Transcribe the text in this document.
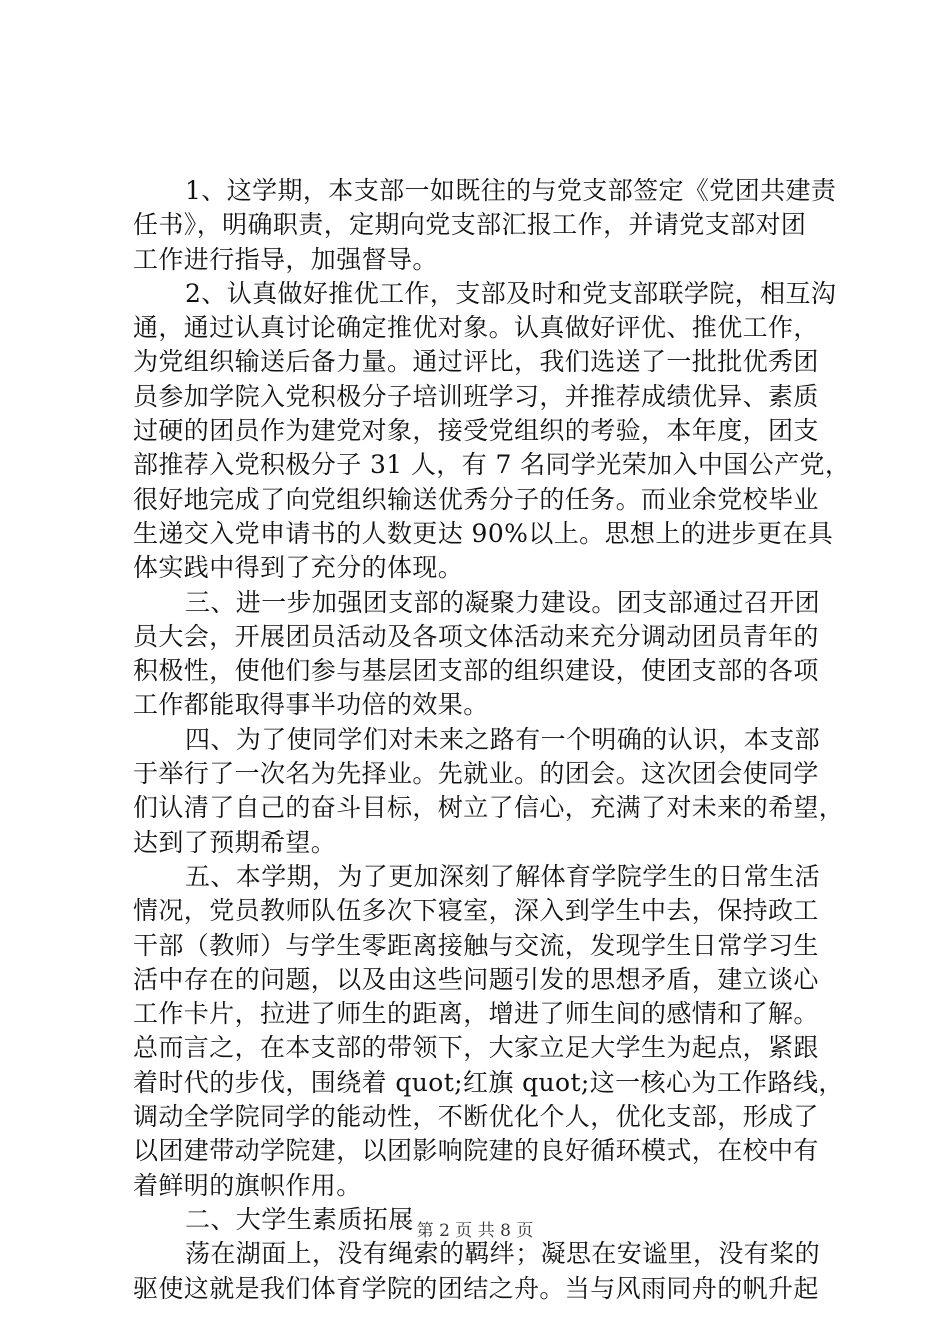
1、这学期，本支部一如既往的与党支部签定《党团共建责
任书》，明确职责，定期向党支部汇报工作，并请党支部对团
工作进行指导，加强督导。
2、认真做好推优工作，支部及时和党支部联学院，相互沟
通，通过认真讨论确定推优对象。认真做好评优、推优工作，
为党组织输送后备力量。通过评比，我们选送了一批批优秀团
员参加学院入党积极分子培训班学习，并推荐成绩优异、素质
过硬的团员作为建党对象，接受党组织的考验，本年度，团支
部推荐入党积极分子 31 人，有 7 名同学光荣加入中国公产党，
很好地完成了向党组织输送优秀分子的任务。而业余党校毕业
生递交入党申请书的人数更达 90%以上。思想上的进步更在具
体实践中得到了充分的体现。
三、进一步加强团支部的凝聚力建设。团支部通过召开团
员大会，开展团员活动及各项文体活动来充分调动团员青年的
积极性，使他们参与基层团支部的组织建设，使团支部的各项
工作都能取得事半功倍的效果。
四、为了使同学们对未来之路有一个明确的认识，本支部
于举行了一次名为先择业。先就业。的团会。这次团会使同学
们认清了自己的奋斗目标，树立了信心，充满了对未来的希望，
达到了预期希望。
五、本学期，为了更加深刻了解体育学院学生的日常生活
情况，党员教师队伍多次下寝室，深入到学生中去，保持政工
干部（教师）与学生零距离接触与交流，发现学生日常学习生
活中存在的问题，以及由这些问题引发的思想矛盾，建立谈心
工作卡片，拉进了师生的距离，增进了师生间的感情和了解。
总而言之，在本支部的带领下，大家立足大学生为起点，紧跟
着时代的步伐，围绕着 quot;红旗 quot;这一核心为工作路线，
调动全学院同学的能动性，不断优化个人，优化支部，形成了
以团建带动学院建，以团影响院建的良好循环模式，在校中有
着鲜明的旗帜作用。
二、大学生素质拓展
荡在湖面上，没有绳索的羁绊；凝思在安谧里，没有桨的
驱使这就是我们体育学院的团结之舟。当与风雨同舟的帆升起
第 2 页 共 8 页
